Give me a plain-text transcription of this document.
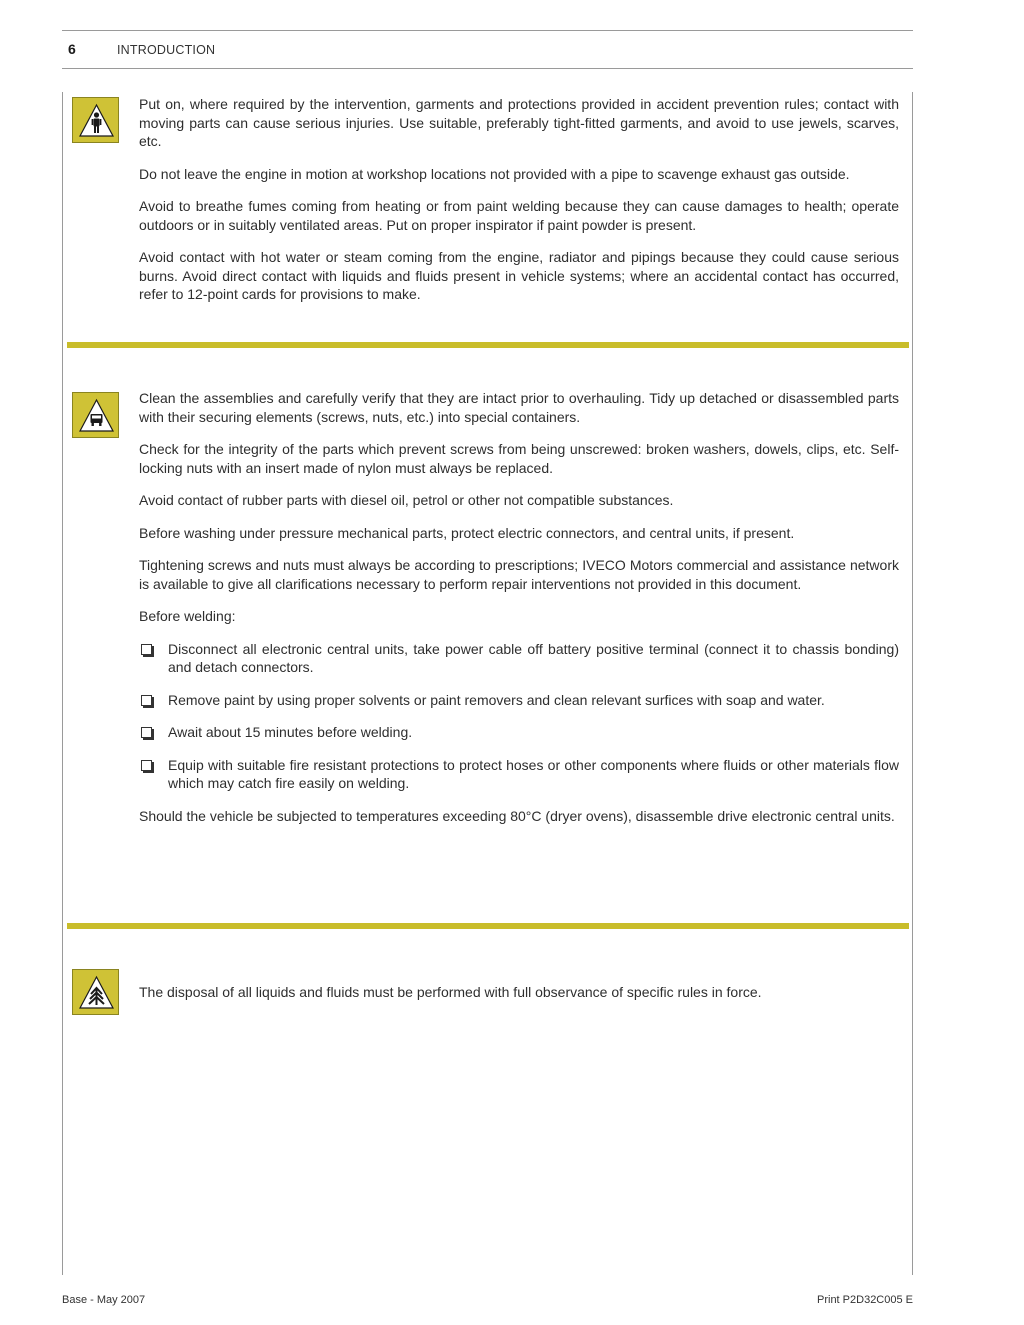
6	INTRODUCTION

Put on, where required by the intervention, garments and protections provided in accident prevention rules; contact with moving parts can cause serious injuries. Use suitable, preferably tight-fitted garments, and avoid to use jewels, scarves, etc.

Do not leave the engine in motion at workshop locations not provided with a pipe to scavenge exhaust gas outside.

Avoid to breathe fumes coming from heating or from paint welding because they can cause damages to health; operate outdoors or in suitably ventilated areas. Put on proper inspirator if paint powder is present.

Avoid contact with hot water or steam coming from the engine, radiator and pipings because they could cause serious burns. Avoid direct contact with liquids and fluids present in vehicle systems; where an accidental contact has occurred, refer to 12-point cards for provisions to make.

Clean the assemblies and carefully verify that they are intact prior to overhauling. Tidy up detached or disassembled parts with their securing elements (screws, nuts, etc.) into special containers.

Check for the integrity of the parts which prevent screws from being unscrewed: broken washers, dowels, clips, etc. Self-locking nuts with an insert made of nylon must always be replaced.

Avoid contact of rubber parts with diesel oil, petrol or other not compatible substances.

Before washing under pressure mechanical parts, protect electric connectors, and central units, if present.

Tightening screws and nuts must always be according to prescriptions; IVECO Motors commercial and assistance network is available to give all clarifications necessary to perform repair interventions not provided in this document.

Before welding:

Disconnect all electronic central units, take power cable off battery positive terminal (connect it to chassis bonding) and detach connectors.

Remove paint by using proper solvents or paint removers and clean relevant surfices with soap and water.

Await about 15 minutes before welding.

Equip with suitable fire resistant protections to protect hoses or other components where fluids or other materials flow which may catch fire easily on welding.

Should the vehicle be subjected to temperatures exceeding 80°C (dryer ovens), disassemble drive electronic central units.

The disposal of all liquids and fluids must be performed with full observance of specific rules in force.

Base - May 2007	Print P2D32C005 E
